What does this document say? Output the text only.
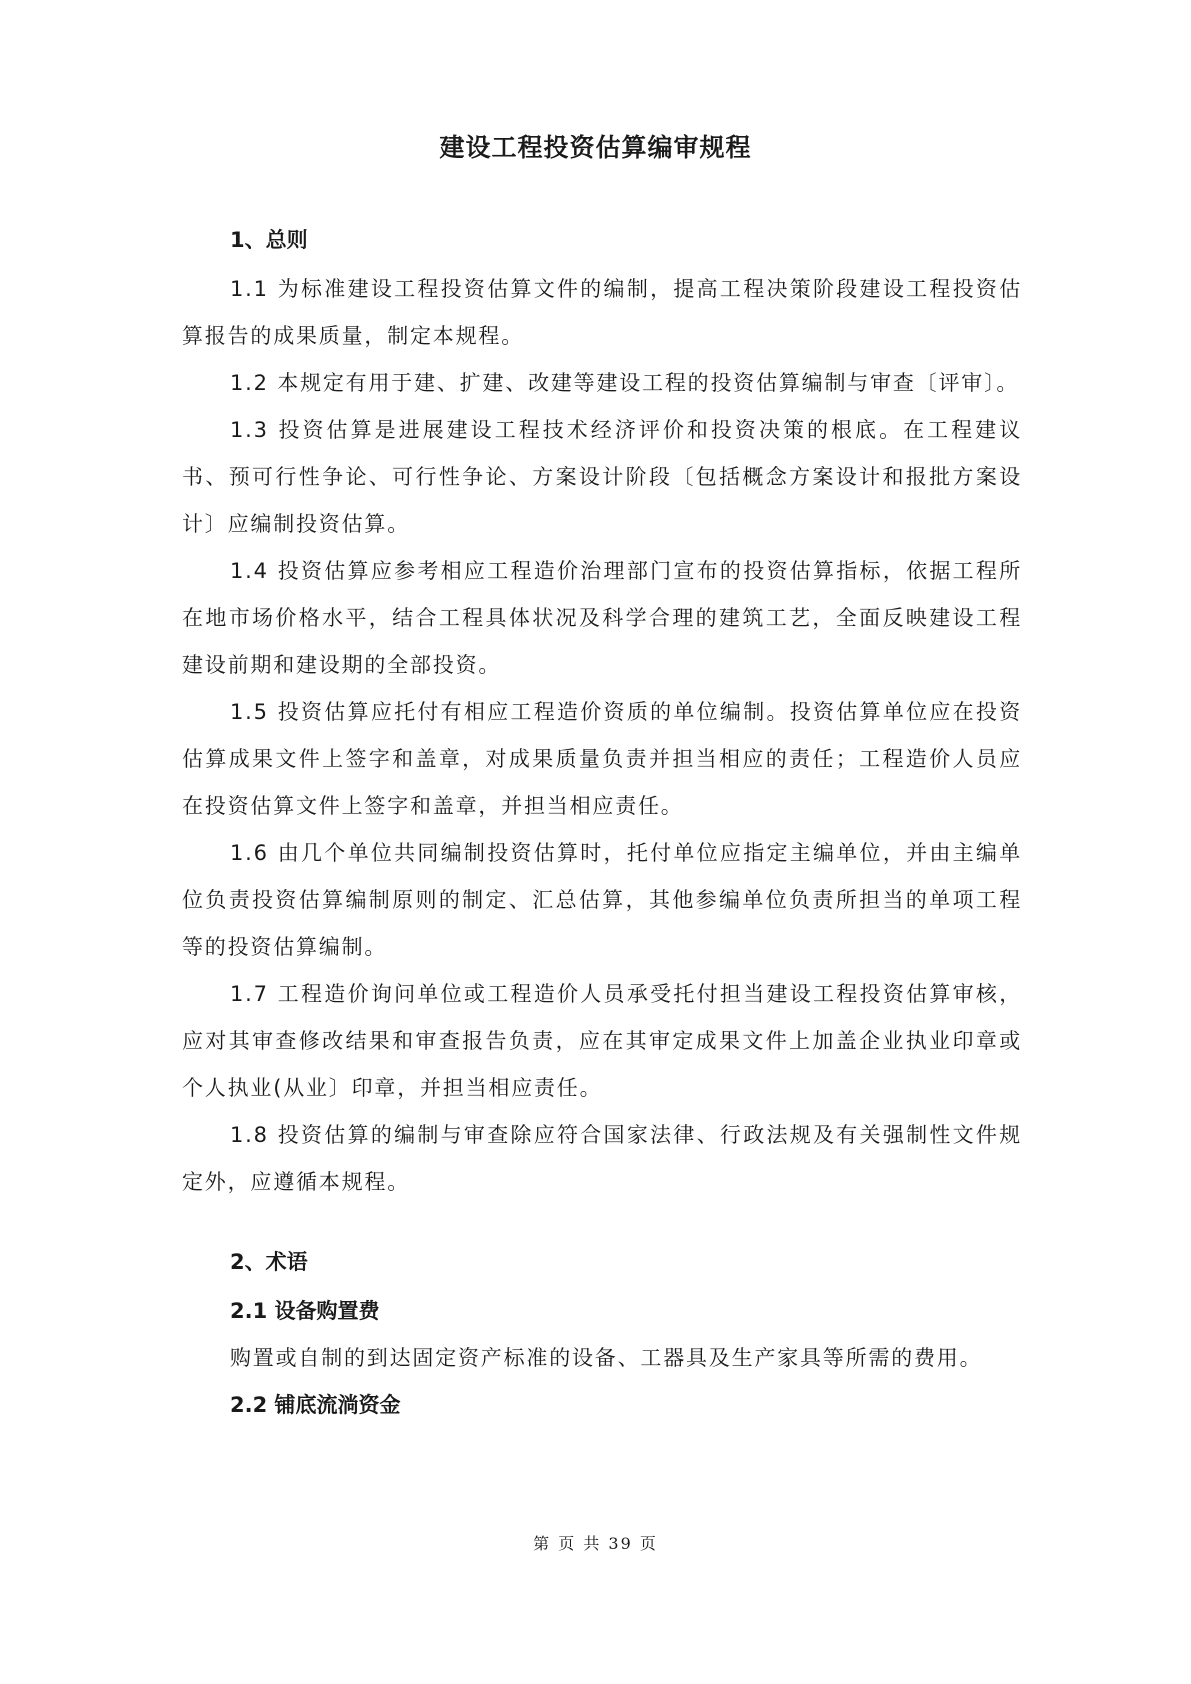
建设工程投资估算编审规程

1、总则

1.1 为标准建设工程投资估算文件的编制，提高工程决策阶段建设工程投资估算报告的成果质量，制定本规程。

1.2 本规定有用于建、扩建、改建等建设工程的投资估算编制与审查〔评审〕。

1.3 投资估算是进展建设工程技术经济评价和投资决策的根底。在工程建议书、预可行性争论、可行性争论、方案设计阶段〔包括概念方案设计和报批方案设计〕应编制投资估算。

1.4 投资估算应参考相应工程造价治理部门宣布的投资估算指标，依据工程所在地市场价格水平，结合工程具体状况及科学合理的建筑工艺，全面反映建设工程建设前期和建设期的全部投资。

1.5 投资估算应托付有相应工程造价资质的单位编制。投资估算单位应在投资估算成果文件上签字和盖章，对成果质量负责并担当相应的责任；工程造价人员应在投资估算文件上签字和盖章，并担当相应责任。

1.6 由几个单位共同编制投资估算时，托付单位应指定主编单位，并由主编单位负责投资估算编制原则的制定、汇总估算，其他参编单位负责所担当的单项工程等的投资估算编制。

1.7 工程造价询问单位或工程造价人员承受托付担当建设工程投资估算审核，应对其审查修改结果和审查报告负责，应在其审定成果文件上加盖企业执业印章或个人执业(从业〕印章，并担当相应责任。

1.8 投资估算的编制与审查除应符合国家法律、行政法规及有关强制性文件规定外，应遵循本规程。

2、术语

2.1 设备购置费

购置或自制的到达固定资产标准的设备、工器具及生产家具等所需的费用。

2.2 铺底流淌资金

第 页 共 39 页
